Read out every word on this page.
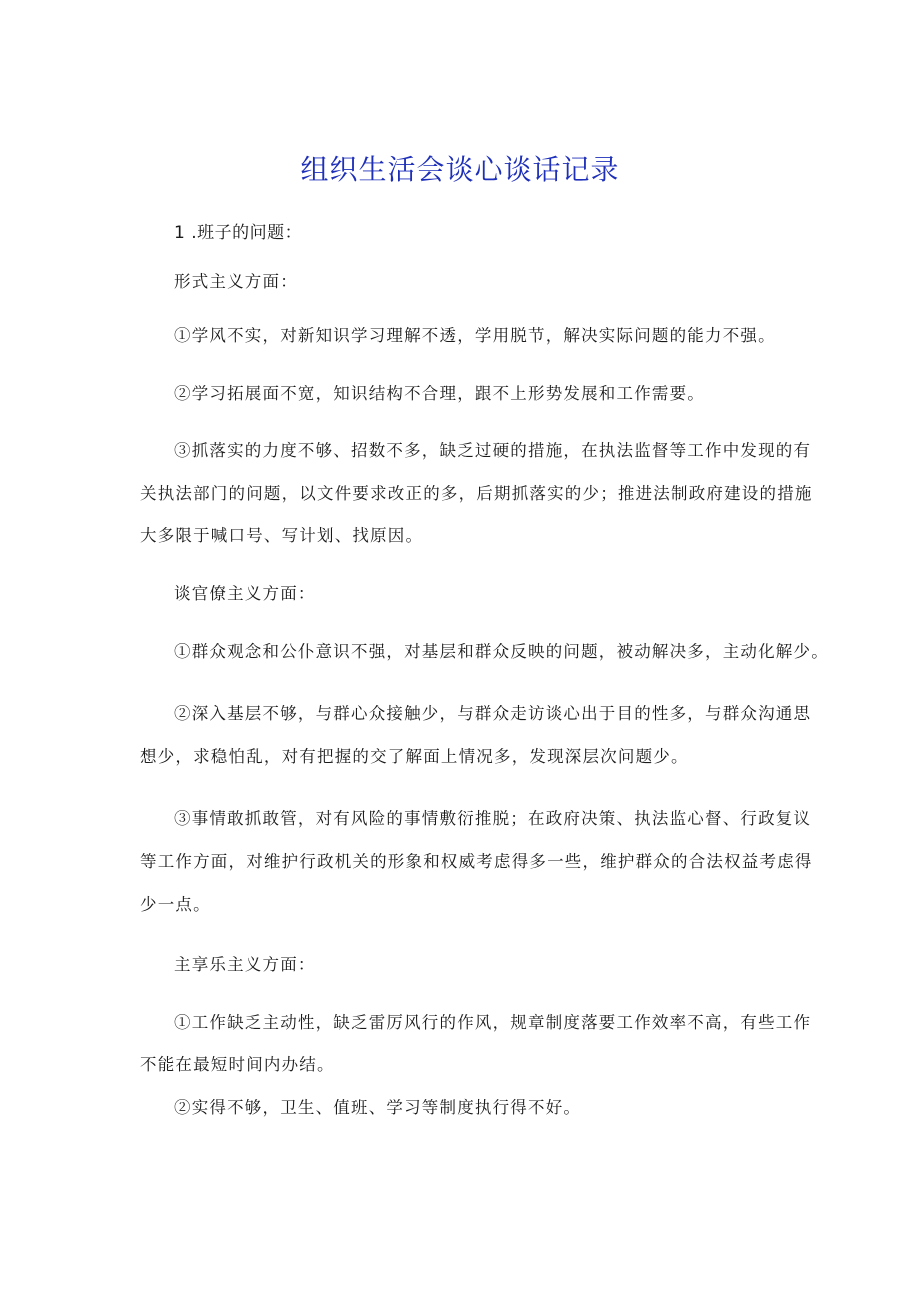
组织生活会谈心谈话记录
1 .班子的问题：
形式主义方面：
①学风不实，对新知识学习理解不透，学用脱节，解决实际问题的能力不强。
②学习拓展面不宽，知识结构不合理，跟不上形势发展和工作需要。
③抓落实的力度不够、招数不多，缺乏过硬的措施，在执法监督等工作中发现的有
关执法部门的问题，以文件要求改正的多，后期抓落实的少；推进法制政府建设的措施
大多限于喊口号、写计划、找原因。
谈官僚主义方面：
①群众观念和公仆意识不强，对基层和群众反映的问题，被动解决多，主动化解少。
②深入基层不够，与群心众接触少，与群众走访谈心出于目的性多，与群众沟通思
想少，求稳怕乱，对有把握的交了解面上情况多，发现深层次问题少。
③事情敢抓敢管，对有风险的事情敷衍推脱；在政府决策、执法监心督、行政复议
等工作方面，对维护行政机关的形象和权威考虑得多一些，维护群众的合法权益考虑得
少一点。
主享乐主义方面：
①工作缺乏主动性，缺乏雷厉风行的作风，规章制度落要工作效率不高，有些工作
不能在最短时间内办结。
②实得不够，卫生、值班、学习等制度执行得不好。
